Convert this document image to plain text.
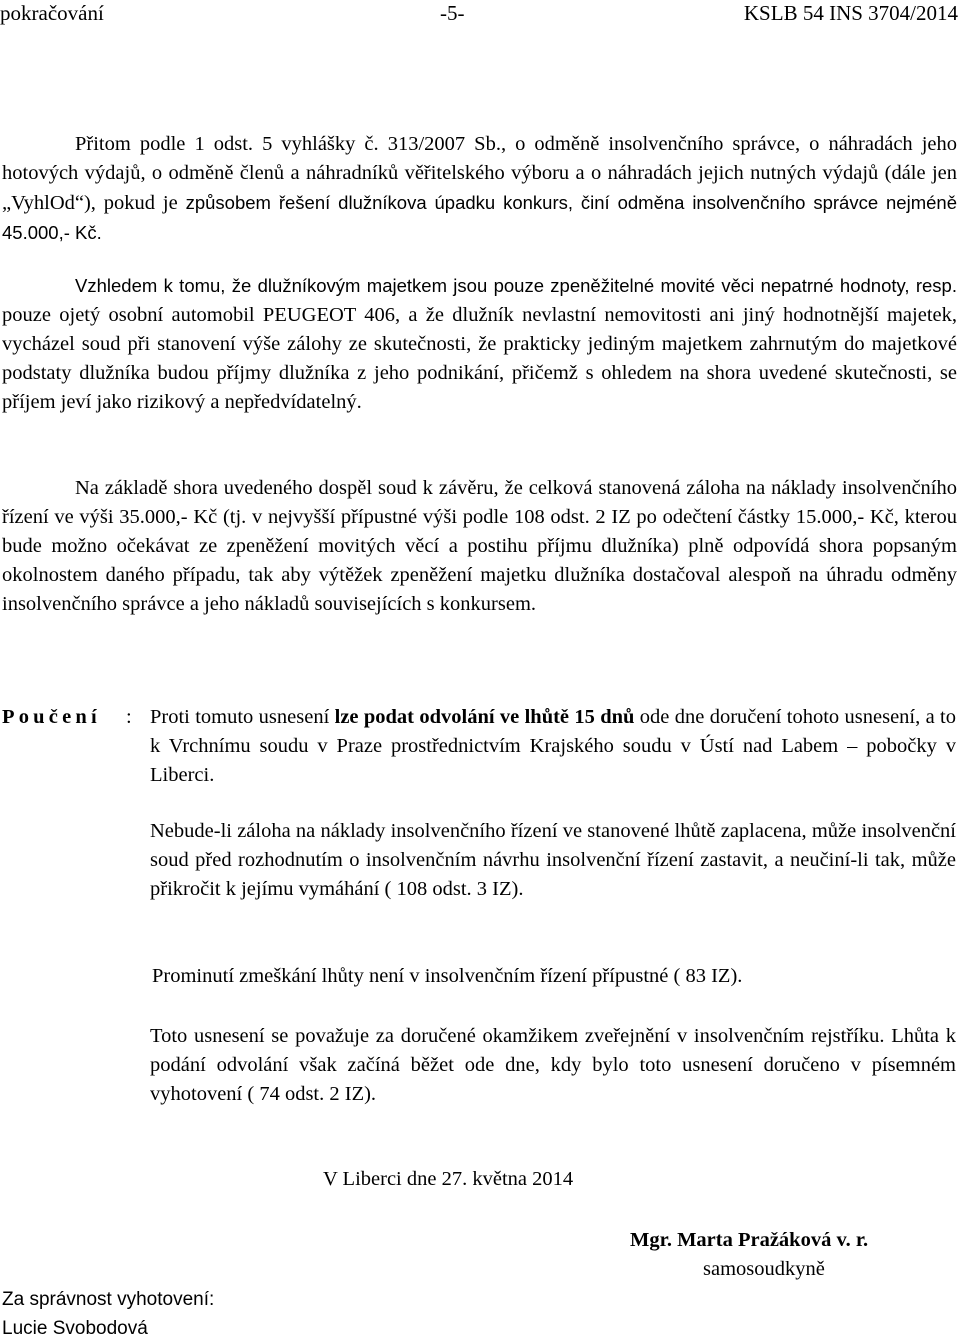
pokračování	-5-	KSLB 54 INS 3704/2014

Přitom podle 1 odst. 5 vyhlášky č. 313/2007 Sb., o odměně insolvenčního správce, o náhradách jeho hotových výdajů, o odměně členů a náhradníků věřitelského výboru a o náhradách jejich nutných výdajů (dále jen „VyhlOd“), pokud je způsobem řešení dlužníkova úpadku konkurs, činí odměna insolvenčního správce nejméně 45.000,- Kč.

Vzhledem k tomu, že dlužníkovým majetkem jsou pouze zpeněžitelné movité věci nepatrné hodnoty, resp. pouze ojetý osobní automobil PEUGEOT 406, a že dlužník nevlastní nemovitosti ani jiný hodnotnější majetek, vycházel soud při stanovení výše zálohy ze skutečnosti, že prakticky jediným majetkem zahrnutým do majetkové podstaty dlužníka budou příjmy dlužníka z jeho podnikání, přičemž s ohledem na shora uvedené skutečnosti, se příjem jeví jako rizikový a nepředvídatelný.

Na základě shora uvedeného dospěl soud k závěru, že celková stanovená záloha na náklady insolvenčního řízení ve výši 35.000,- Kč (tj. v nejvyšší přípustné výši podle 108 odst. 2 IZ po odečtení částky 15.000,- Kč, kterou bude možno očekávat ze zpeněžení movitých věcí a postihu příjmu dlužníka) plně odpovídá shora popsaným okolnostem daného případu, tak aby výtěžek zpeněžení majetku dlužníka dostačoval alespoň na úhradu odměny insolvenčního správce a jeho nákladů souvisejících s konkursem.

Poučení : Proti tomuto usnesení lze podat odvolání ve lhůtě 15 dnů ode dne doručení tohoto usnesení, a to k Vrchnímu soudu v Praze prostřednictvím Krajského soudu v Ústí nad Labem – pobočky v Liberci.

Nebude-li záloha na náklady insolvenčního řízení ve stanovené lhůtě zaplacena, může insolvenční soud před rozhodnutím o insolvenčním návrhu insolvenční řízení zastavit, a neučiní-li tak, může přikročit k jejímu vymáhání ( 108 odst. 3 IZ).

Prominutí zmeškání lhůty není v insolvenčním řízení přípustné ( 83 IZ).

Toto usnesení se považuje za doručené okamžikem zveřejnění v insolvenčním rejstříku. Lhůta k podání odvolání však začíná běžet ode dne, kdy bylo toto usnesení doručeno v písemném vyhotovení ( 74 odst. 2 IZ).

V Liberci dne 27. května 2014
Mgr. Marta Pražáková v. r.
samosoudkyně
Za správnost vyhotovení:
Lucie Svobodová
